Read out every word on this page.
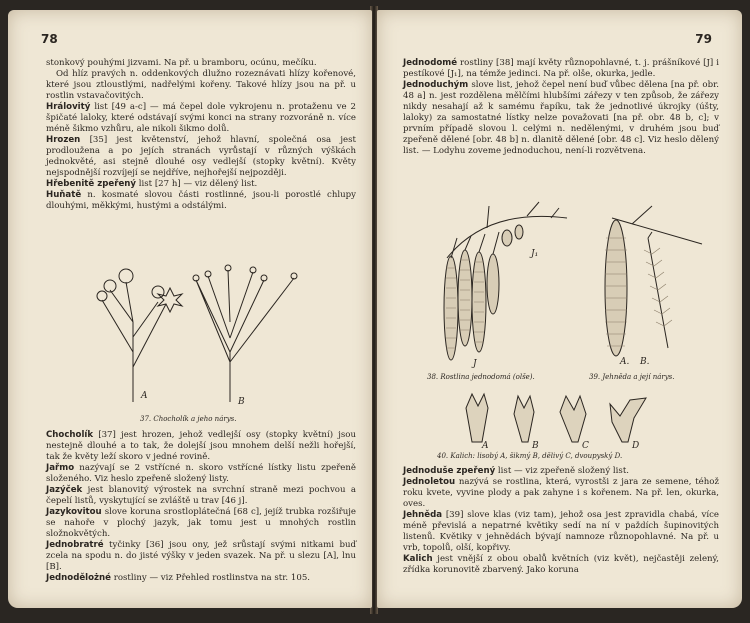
78

stonkový pouhými jizvami. Na př. u bramboru, ocúnu, mečíku.

Od hlíz pravých n. oddenkových dlužno rozeznávati hlízy kořenové, které jsou ztloustlými, nadřelými kořeny. Takové hlízy jsou na př. u rostlin vstavačovitých.

Hrálovitý list [49 a-c] — má čepel dole vykrojenu n. protaženu ve 2 špičaté laloky, které odstávají svými konci na strany rozvoráně n. více méně šikmo vzhůru, ale nikoli šikmo dolů.

Hrozen [35] jest květenství, jehož hlavní, společná osa jest prodloužena a po jejích stranách vyrůstají v různých výškách jednokvěté, asi stejně dlouhé osy vedlejší (stopky květní). Květy nejspodnější rozvíjejí se nejdříve, nejhořejší nejpozději.

Hřebenitě zpeřený list [27 h] — viz dělený list.

Huňatě n. kosmaté slovou části rostlinné, jsou-li porostlé chlupy dlouhými, měkkými, hustými a odstálými.

A
B
37. Chocholík a jeho nárys.

Chocholík [37] jest hrozen, jehož vedlejší osy (stopky květní) jsou nestejně dlouhé a to tak, že dolejší jsou mnohem delší nežli hořejší, tak že květy leží skoro v jedné rovině.

Jařmo nazývají se 2 vstřícné n. skoro vstřícné lístky listu zpeřeně složeného. Viz heslo zpeřeně složený listy.

Jazýček jest blanovitý výrostek na svrchní straně mezi pochvou a čepelí listů, vyskytující se zvláště u trav [46 j].

Jazykovitou slove koruna srostloplátečná [68 c], jejíž trubka rozšiřuje se nahoře v plochý jazyk, jak tomu jest u mnohých rostlin složnokvětých.

Jednobratré tyčinky [36] jsou ony, jež srůstají svými nitkami buď zcela na spodu n. do jisté výšky v jeden svazek. Na př. u slezu [A], lnu [B].

Jednodělożné rostliny — viz Přehled rostlinstva na str. 105.

79

Jednodomé rostliny [38] mají květy různopohlavné, t. j. prášníkové [J] i pestíkové [J₁], na témže jedinci. Na př. olše, okurka, jedle.

Jednoduchým slove list, jehož čepel není buď vůbec dělena [na př. obr. 48 a] n. jest rozdělena mělčími hlubšími zářezy v ten způsob, že zářezy nikdy nesahají až k samému řapíku, tak že jednotlivé úkrojky (úšty, laloky) za samostatné lístky nelze považovati [na př. obr. 48 b, c]; v prvním případě slovou l. celými n. nedělenými, v druhém jsou buď zpeřeně dělené [obr. 48 b] n. dlanitě dělené [obr. 48 c]. Viz heslo dělený list. — Lodyhu zoveme jednoduchou, není-li rozvětvena.

J
J₁
38. Rostlina jednodomá (olše).
A. B.
39. Jehněda a její nárys.
A	B	C	D
40. Kalich: lisobý A, šikmý B, dělivý C, dvoupyský D.

Jednoduše zpeřený list — viz zpeřeně složený list.

Jednoletou nazývá se rostlina, která, vyrostši z jara ze semene, téhož roku kvete, vyvine plody a pak zahyne i s kořenem. Na př. len, okurka, oves.

Jehněda [39] slove klas (viz tam), jehož osa jest zpravidla chabá, více méně převislá a nepatrné květiky sedí na ní v paždích šupinovitých listenů. Květiky v jehnědách bývají namnoze různopohlavné. Na př. u vrb, topolů, olší, kopřivy.

Kalich jest vnější z obou obalů květních (viz květ), nejčastěji zelený, zřídka korunovitě zbarvený. Jako koruna
